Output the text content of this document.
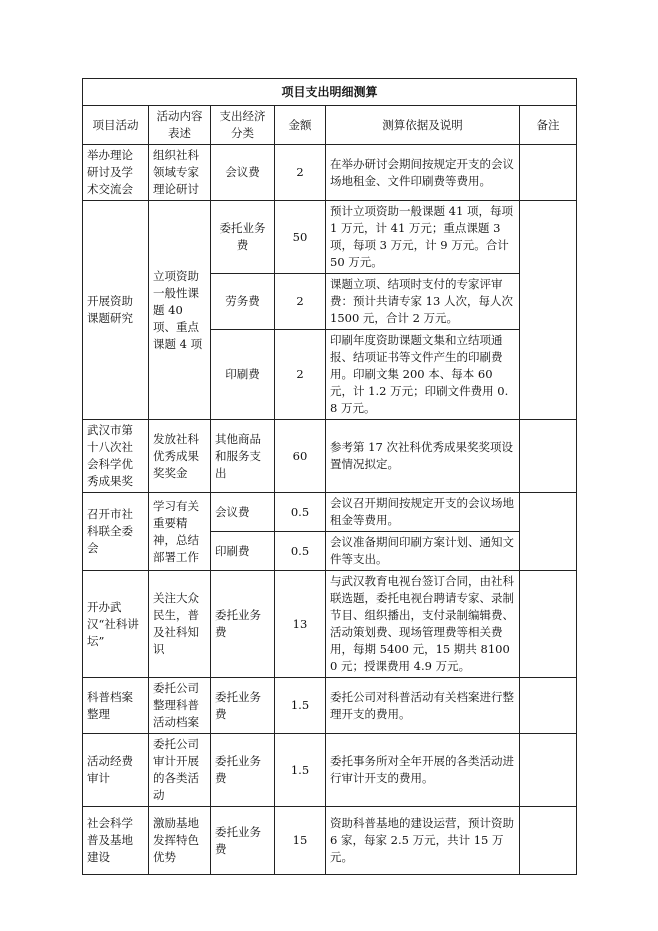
项目支出明细测算					
项目活动	活动内容表述	支出经济分类	金额	测算依据及说明	备注
举办理论研讨及学术交流会	组织社科领域专家理论研讨	会议费	2	在举办研讨会期间按规定开支的会议场地租金、文件印刷费等费用。	
开展资助课题研究	立项资助一般性课题 40 项、重点课题 4 项	委托业务费	50	预计立项资助一般课题 41 项，每项 1 万元，计 41 万元；重点课题 3 项，每项 3 万元，计 9 万元。合计 50 万元。	
		劳务费	2	课题立项、结项时支付的专家评审费：预计共请专家 13 人次，每人次 1500 元，合计 2 万元。	
		印刷费	2	印刷年度资助课题文集和立结项通报、结项证书等文件产生的印刷费用。印刷文集 200 本、每本 60 元，计 1.2 万元；印刷文件费用 0.8 万元。	
武汉市第十八次社会科学优秀成果奖	发放社科优秀成果奖奖金	其他商品和服务支出	60	参考第 17 次社科优秀成果奖奖项设置情况拟定。	
召开市社科联全委会	学习有关重要精神，总结部署工作	会议费	0.5	会议召开期间按规定开支的会议场地租金等费用。	
		印刷费	0.5	会议准备期间印刷方案计划、通知文件等支出。	
开办武汉“社科讲坛”	关注大众民生，普及社科知识	委托业务费	13	与武汉教育电视台签订合同，由社科联选题，委托电视台聘请专家、录制节目、组织播出，支付录制编辑费、活动策划费、现场管理费等相关费用，每期 5400 元，15 期共 81000 元；授课费用 4.9 万元。	
科普档案整理	委托公司整理科普活动档案	委托业务费	1.5	委托公司对科普活动有关档案进行整理开支的费用。	
活动经费审计	委托公司审计开展的各类活动	委托业务费	1.5	委托事务所对全年开展的各类活动进行审计开支的费用。	
社会科学普及基地建设	激励基地发挥特色优势	委托业务费	15	资助科普基地的建设运营，预计资助 6 家，每家 2.5 万元，共计 15 万元。	
